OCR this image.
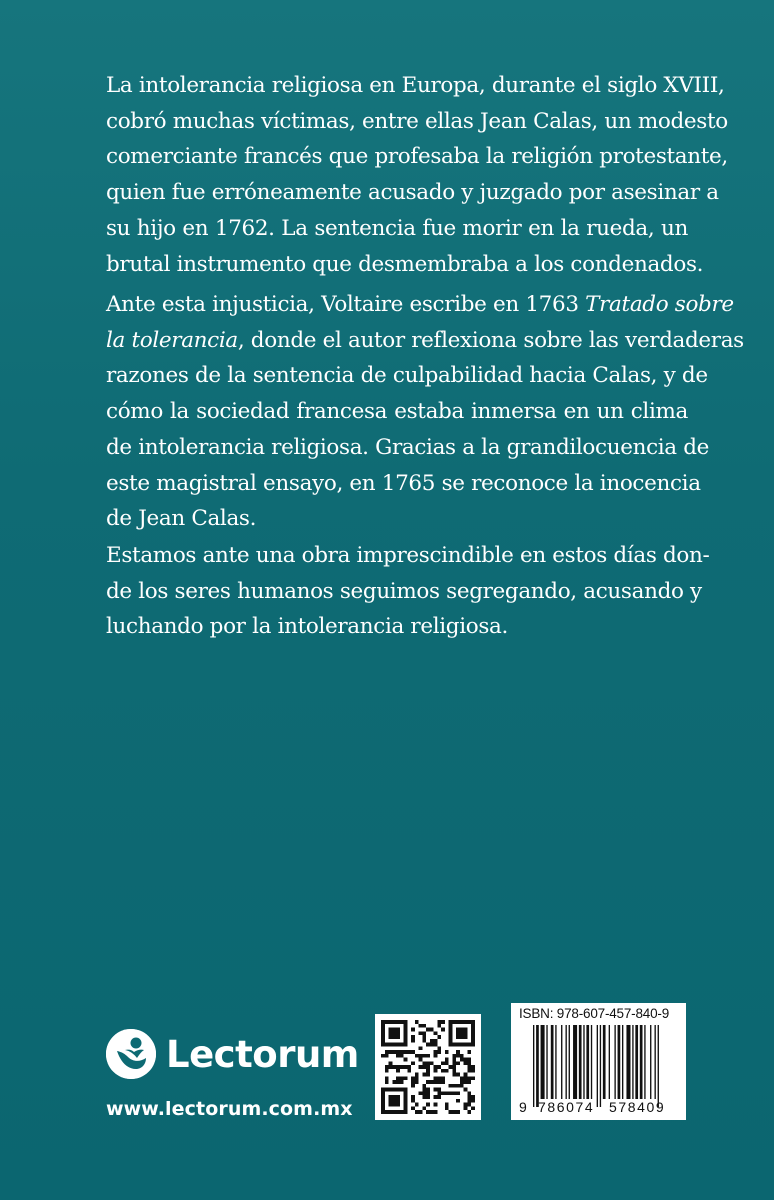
La intolerancia religiosa en Europa, durante el siglo XVIII,
cobró muchas víctimas, entre ellas Jean Calas, un modesto
comerciante francés que profesaba la religión protestante,
quien fue erróneamente acusado y juzgado por asesinar a
su hijo en 1762. La sentencia fue morir en la rueda, un
brutal instrumento que desmembraba a los condenados.

Ante esta injusticia, Voltaire escribe en 1763 Tratado sobre
la tolerancia, donde el autor reflexiona sobre las verdaderas
razones de la sentencia de culpabilidad hacia Calas, y de
cómo la sociedad francesa estaba inmersa en un clima
de intolerancia religiosa. Gracias a la grandilocuencia de
este magistral ensayo, en 1765 se reconoce la inocencia
de Jean Calas.

Estamos ante una obra imprescindible en estos días don-
de los seres humanos seguimos segregando, acusando y
luchando por la intolerancia religiosa.

Lectorum
www.lectorum.com.mx
ISBN: 978-607-457-840-9
9 786074 578409
